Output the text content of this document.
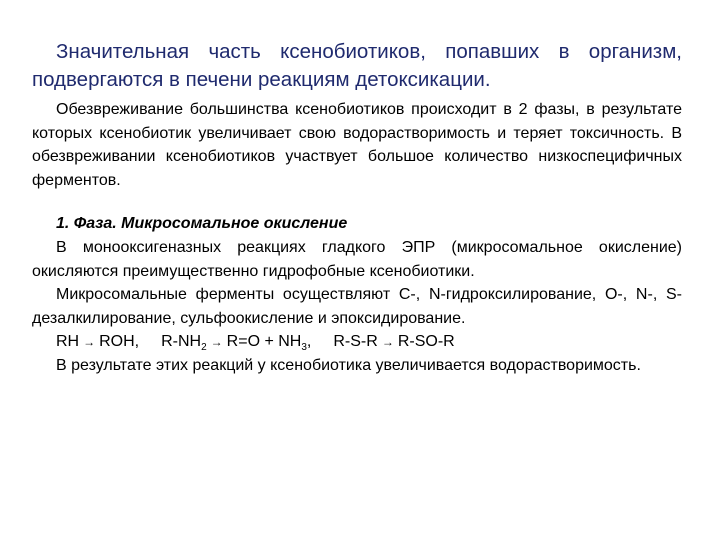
Значительная часть ксенобиотиков, попавших в организм, подвергаются в печени реакциям детоксикации.

Обезвреживание большинства ксенобиотиков происходит в 2 фазы, в результате которых ксенобиотик увеличивает свою водорастворимость и теряет токсичность. В обезвреживании ксенобиотиков участвует большое количество низкоспецифичных ферментов.

1. Фаза. Микросомальное окисление

В монооксигеназных реакциях гладкого ЭПР (микросомальное окисление) окисляются преимущественно гидрофобные ксенобиотики.

Микросомальные ферменты осуществляют С-, N-гидроксилирование, О-, N-, S-дезалкилирование, сульфоокисление и эпоксидирование.

RH → ROH, $R-NH_2 \to R=O + NH_3$, R-S-R → R-SO-R

В результате этих реакций у ксенобиотика увеличивается водорастворимость.
